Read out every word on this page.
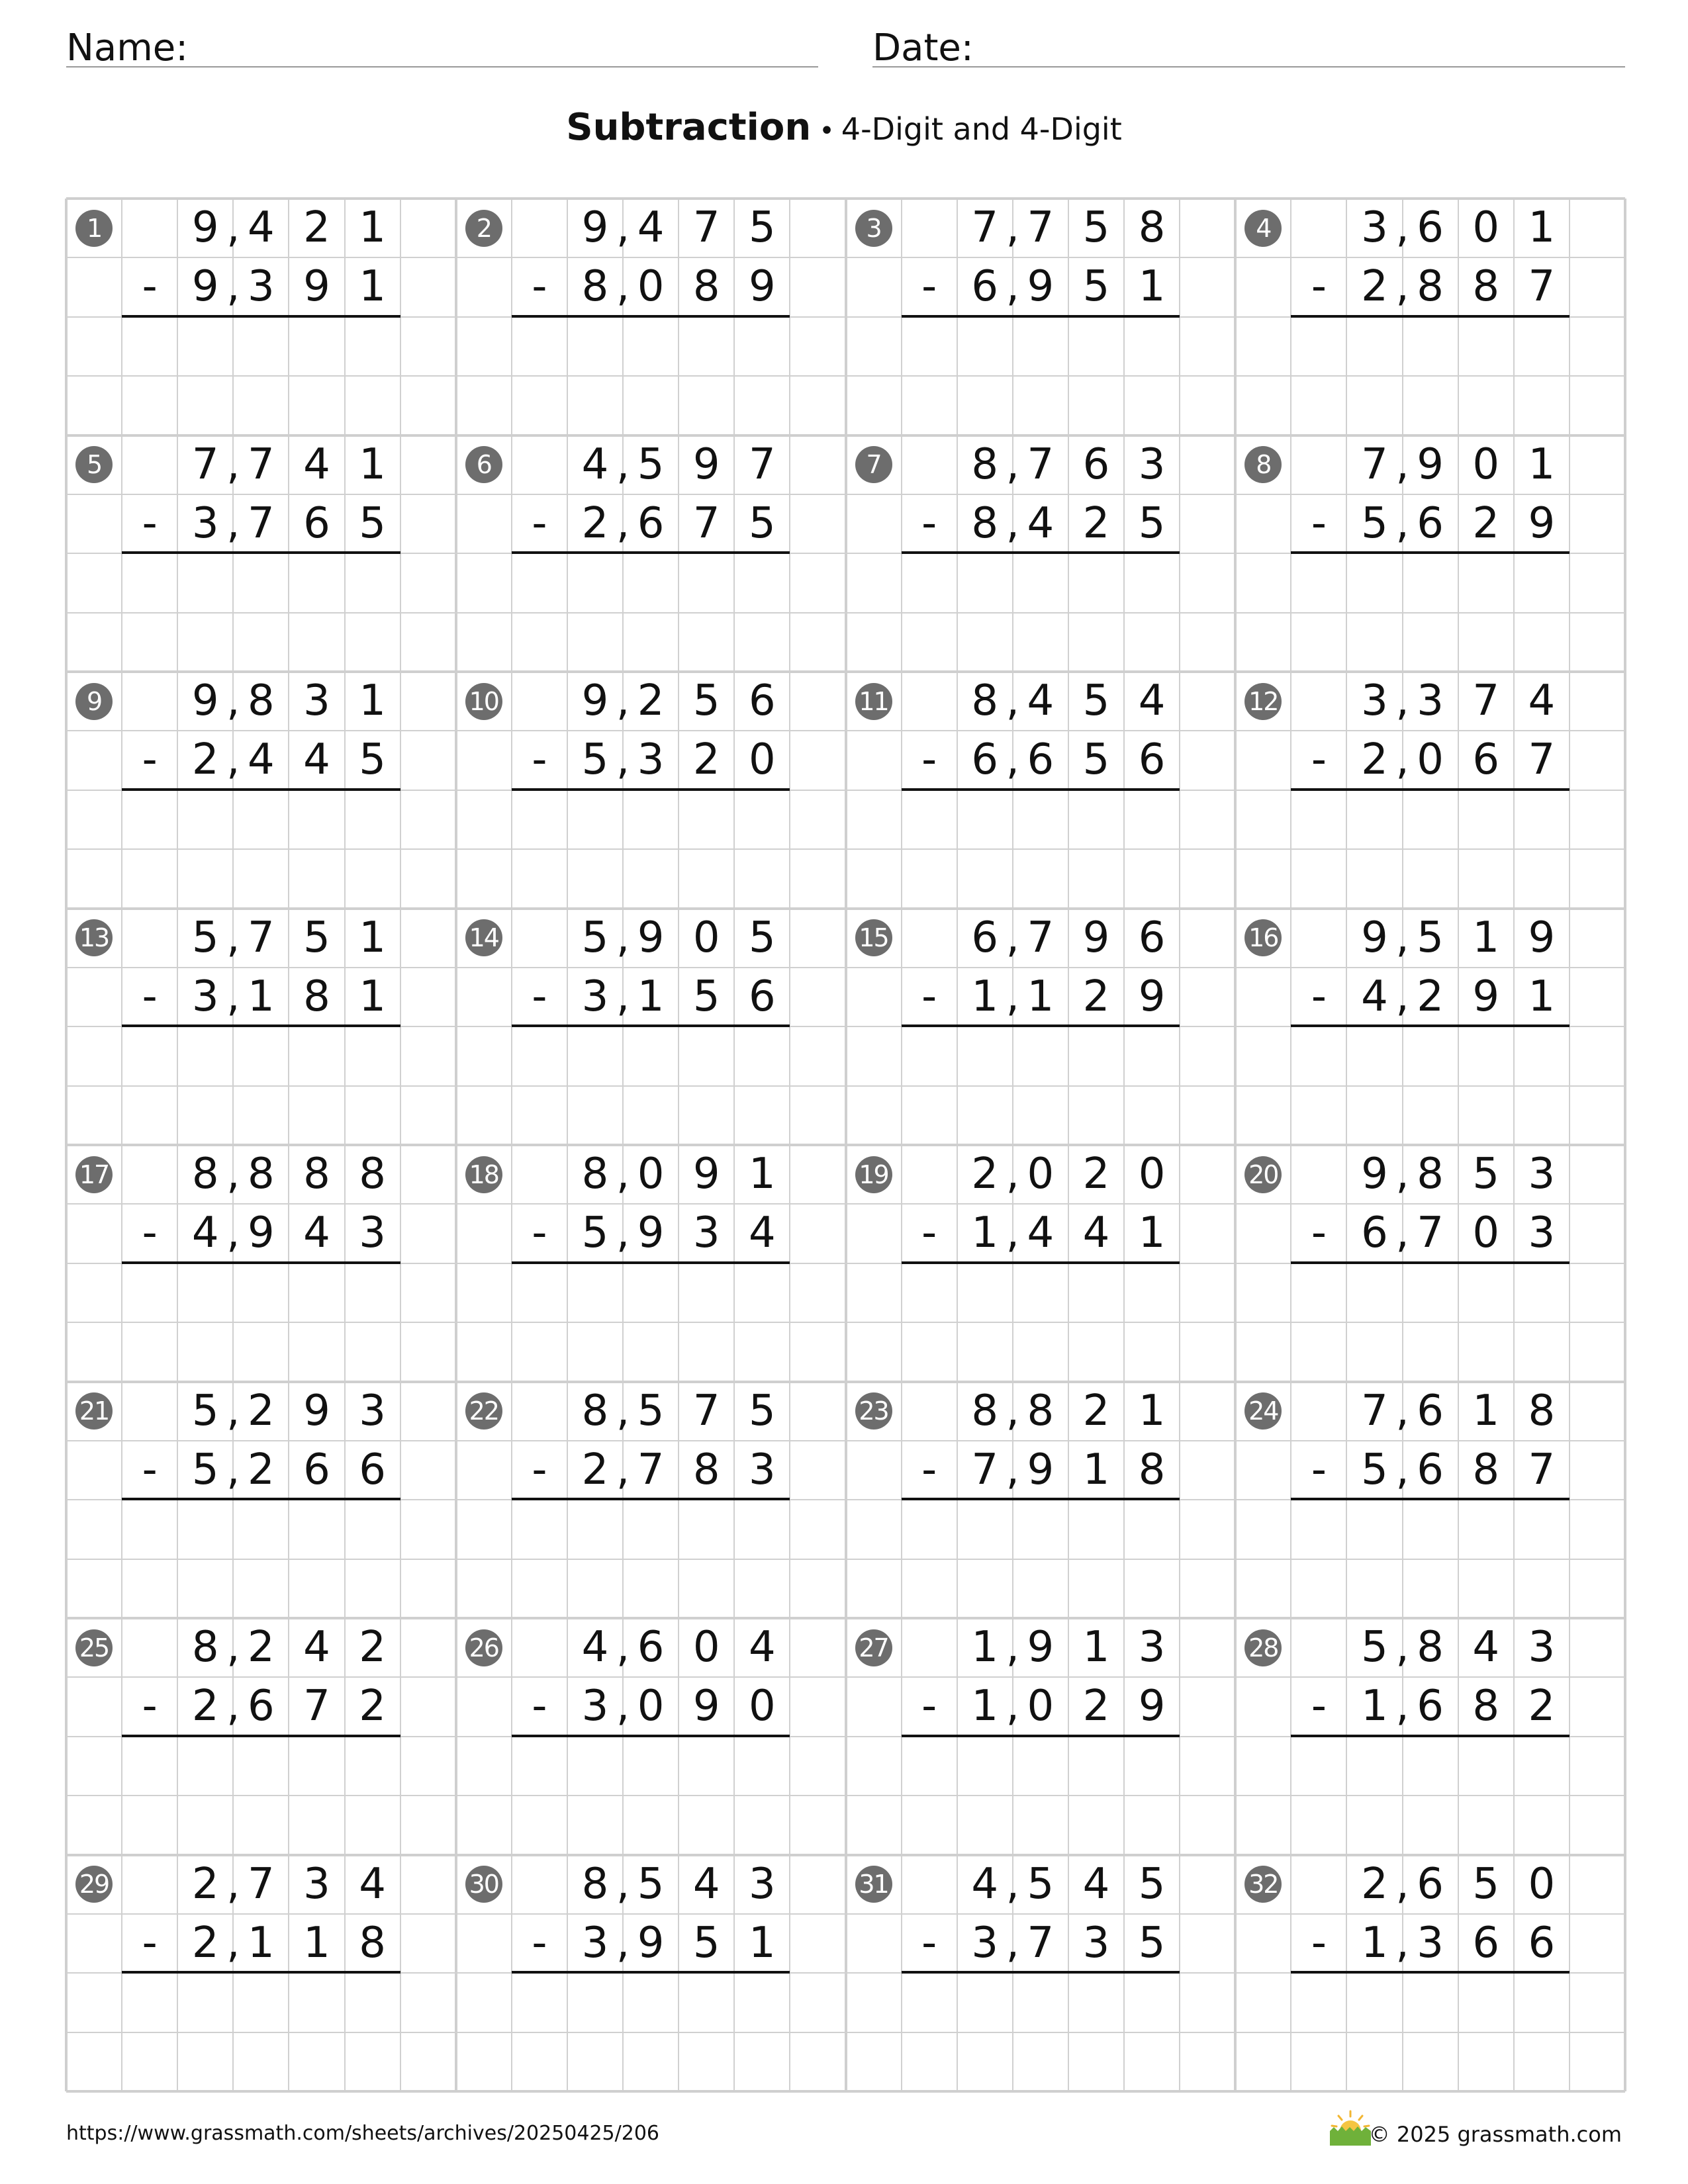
Name:	Date:
Subtraction • 4-Digit and 4-Digit
1	9 4 2 1
,
- 9 3 9 1
,
2	9 4 7 5
,
- 8 0 8 9
,
3	7 7 5 8
,
- 6 9 5 1
,
4	3 6 0 1
,
- 2 8 8 7
,
5	7 7 4 1
,
- 3 7 6 5
,
6	4 5 9 7
,
- 2 6 7 5
,
7	8 7 6 3
,
- 8 4 2 5
,
8	7 9 0 1
,
- 5 6 2 9
,
9	9 8 3 1
,
- 2 4 4 5
,
10	9 2 5 6
,
- 5 3 2 0
,
11	8 4 5 4
,
- 6 6 5 6
,
12	3 3 7 4
,
- 2 0 6 7
,
13	5 7 5 1
,
- 3 1 8 1
,
14	5 9 0 5
,
- 3 1 5 6
,
15	6 7 9 6
,
- 1 1 2 9
,
16	9 5 1 9
,
- 4 2 9 1
,
17	8 8 8 8
,
- 4 9 4 3
,
18	8 0 9 1
,
- 5 9 3 4
,
19	2 0 2 0
,
- 1 4 4 1
,
20	9 8 5 3
,
- 6 7 0 3
,
21	5 2 9 3
,
- 5 2 6 6
,
22	8 5 7 5
,
- 2 7 8 3
,
23	8 8 2 1
,
- 7 9 1 8
,
24	7 6 1 8
,
- 5 6 8 7
,
25	8 2 4 2
,
- 2 6 7 2
,
26	4 6 0 4
,
- 3 0 9 0
,
27	1 9 1 3
,
- 1 0 2 9
,
28	5 8 4 3
,
- 1 6 8 2
,
29	2 7 3 4
,
- 2 1 1 8
,
30	8 5 4 3
,
- 3 9 5 1
,
31	4 5 4 5
,
- 3 7 3 5
,
32	2 6 5 0
,
- 1 3 6 6
,
https://www.grassmath.com/sheets/archives/20250425/206	© 2025 grassmath.com
